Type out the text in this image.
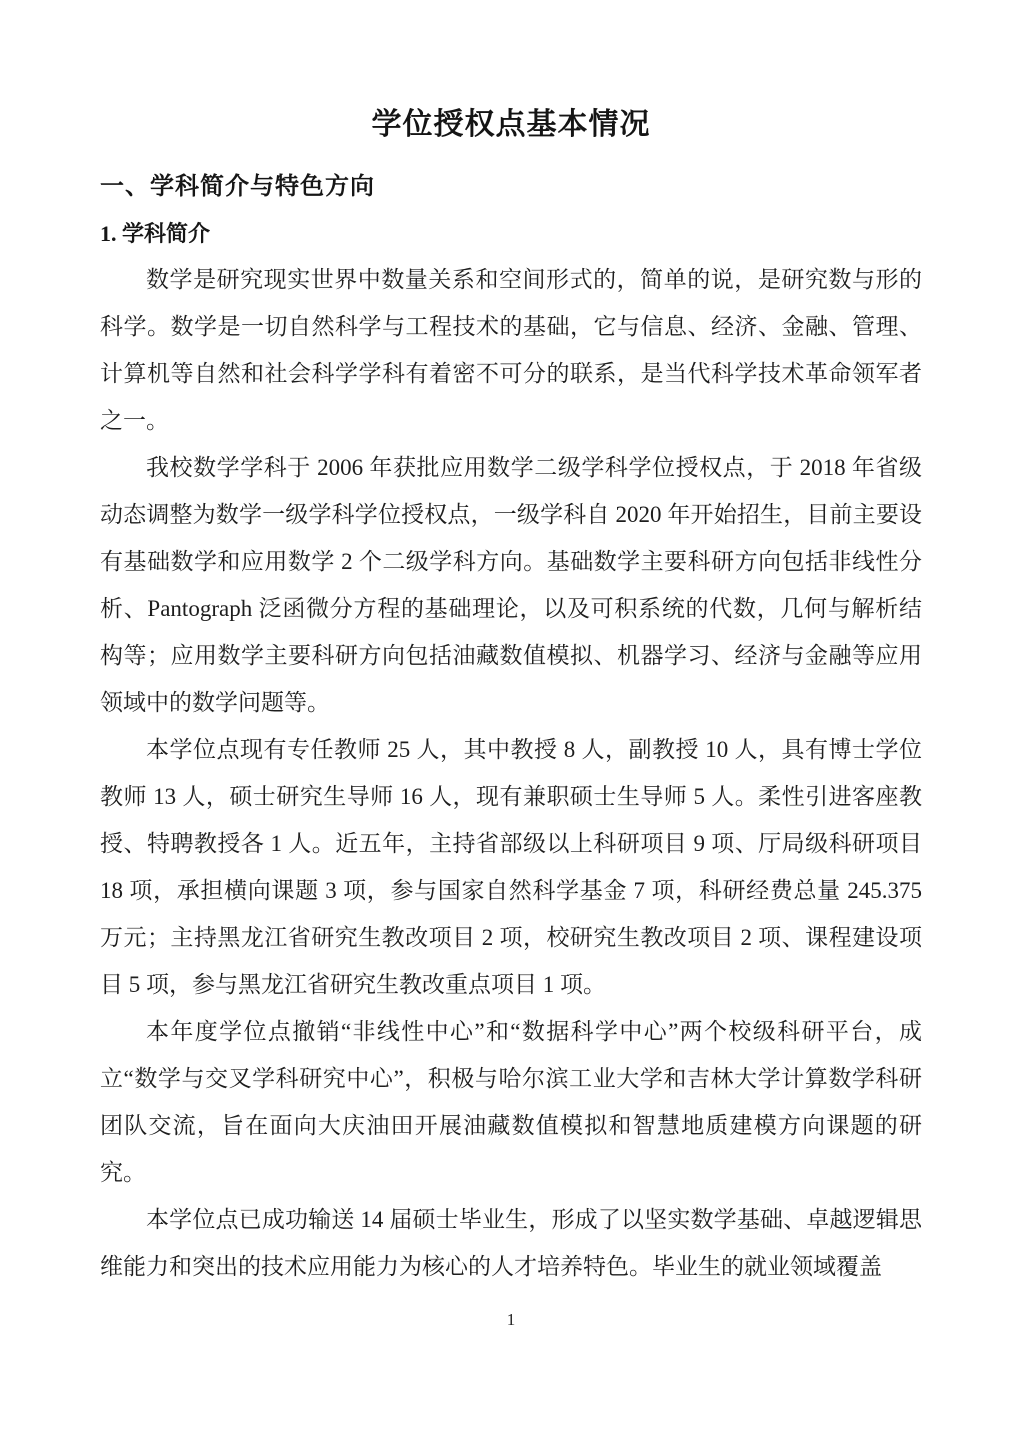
学位授权点基本情况
一、学科简介与特色方向
1. 学科简介

数学是研究现实世界中数量关系和空间形式的，简单的说，是研究数与形的科学。数学是一切自然科学与工程技术的基础，它与信息、经济、金融、管理、计算机等自然和社会科学学科有着密不可分的联系，是当代科学技术革命领军者之一。

我校数学学科于 2006 年获批应用数学二级学科学位授权点，于 2018 年省级动态调整为数学一级学科学位授权点，一级学科自 2020 年开始招生，目前主要设有基础数学和应用数学 2 个二级学科方向。基础数学主要科研方向包括非线性分析、Pantograph 泛函微分方程的基础理论，以及可积系统的代数，几何与解析结构等；应用数学主要科研方向包括油藏数值模拟、机器学习、经济与金融等应用领域中的数学问题等。

本学位点现有专任教师 25 人，其中教授 8 人，副教授 10 人，具有博士学位教师 13 人，硕士研究生导师 16 人，现有兼职硕士生导师 5 人。柔性引进客座教授、特聘教授各 1 人。近五年，主持省部级以上科研项目 9 项、厅局级科研项目 18 项，承担横向课题 3 项，参与国家自然科学基金 7 项，科研经费总量 245.375 万元；主持黑龙江省研究生教改项目 2 项，校研究生教改项目 2 项、课程建设项目 5 项，参与黑龙江省研究生教改重点项目 1 项。

本年度学位点撤销“非线性中心”和“数据科学中心”两个校级科研平台，成立“数学与交叉学科研究中心”，积极与哈尔滨工业大学和吉林大学计算数学科研团队交流，旨在面向大庆油田开展油藏数值模拟和智慧地质建模方向课题的研究。

本学位点已成功输送 14 届硕士毕业生，形成了以坚实数学基础、卓越逻辑思维能力和突出的技术应用能力为核心的人才培养特色。毕业生的就业领域覆盖

1
